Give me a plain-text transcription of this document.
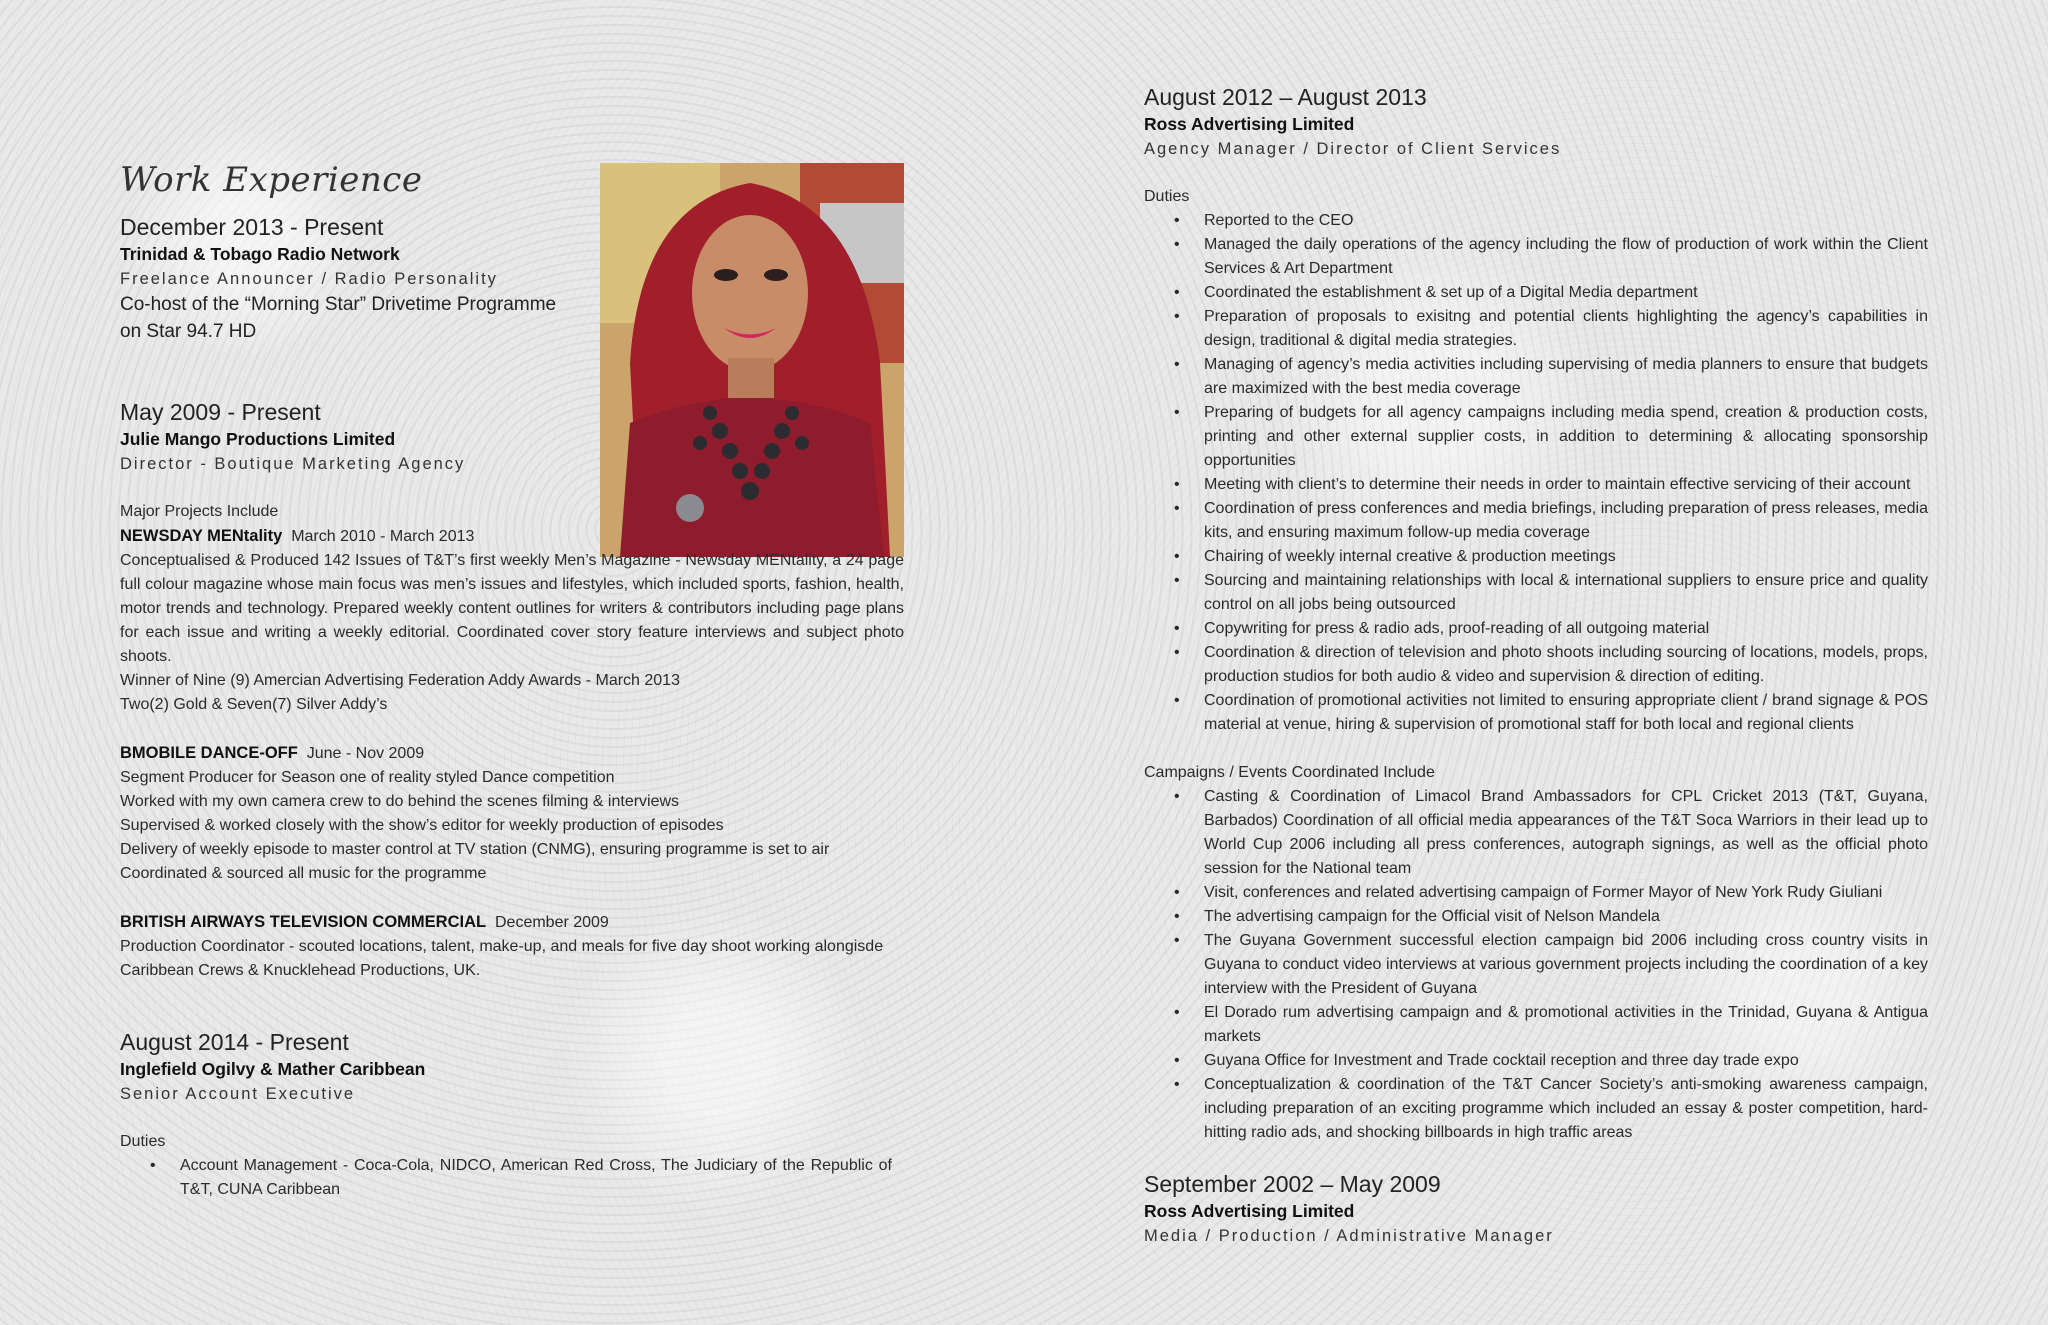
Work Experience

December 2013 - Present

Trinidad & Tobago Radio Network

Freelance Announcer / Radio Personality

Co-host of the “Morning Star” Drivetime Programme

on Star 94.7 HD

May 2009 - Present

Julie Mango Productions Limited

Director - Boutique Marketing Agency

Major Projects Include

NEWSDAY MENtality March 2010 - March 2013

Conceptualised & Produced 142 Issues of T&T’s first weekly Men’s Magazine - Newsday MENtality, a 24 page full colour magazine whose main focus was men’s issues and lifestyles, which included sports, fashion, health, motor trends and technology. Prepared weekly content outlines for writers & contributors including page plans for each issue and writing a weekly editorial. Coordinated cover story feature interviews and subject photo shoots.

Winner of Nine (9) Amercian Advertising Federation Addy Awards - March 2013

Two(2) Gold & Seven(7) Silver Addy’s

BMOBILE DANCE-OFF June - Nov 2009

Segment Producer for Season one of reality styled Dance competition

Worked with my own camera crew to do behind the scenes filming & interviews

Supervised & worked closely with the show’s editor for weekly production of episodes

Delivery of weekly episode to master control at TV station (CNMG), ensuring programme is set to air

Coordinated & sourced all music for the programme

BRITISH AIRWAYS TELEVISION COMMERCIAL December 2009

Production Coordinator - scouted locations, talent, make-up, and meals for five day shoot working alongisde Caribbean Crews & Knucklehead Productions, UK.

August 2014 - Present

Inglefield Ogilvy & Mather Caribbean

Senior Account Executive

Duties

• Account Management - Coca-Cola, NIDCO, American Red Cross, The Judiciary of the Republic of T&T, CUNA Caribbean

August 2012 – August 2013

Ross Advertising Limited

Agency Manager / Director of Client Services

Duties

• Reported to the CEO
• Managed the daily operations of the agency including the flow of production of work within the Client Services & Art Department
• Coordinated the establishment & set up of a Digital Media department
• Preparation of proposals to exisitng and potential clients highlighting the agency’s capabilities in design, traditional & digital media strategies.
• Managing of agency’s media activities including supervising of media planners to ensure that budgets are maximized with the best media coverage
• Preparing of budgets for all agency campaigns including media spend, creation & production costs, printing and other external supplier costs, in addition to determining & allocating sponsorship opportunities
• Meeting with client’s to determine their needs in order to maintain effective servicing of their account
• Coordination of press conferences and media briefings, including preparation of press releases, media kits, and ensuring maximum follow-up media coverage
• Chairing of weekly internal creative & production meetings
• Sourcing and maintaining relationships with local & international suppliers to ensure price and quality control on all jobs being outsourced
• Copywriting for press & radio ads, proof-reading of all outgoing material
• Coordination & direction of television and photo shoots including sourcing of locations, models, props, production studios for both audio & video and supervision & direction of editing.
• Coordination of promotional activities not limited to ensuring appropriate client / brand signage & POS material at venue, hiring & supervision of promotional staff for both local and regional clients

Campaigns / Events Coordinated Include

• Casting & Coordination of Limacol Brand Ambassadors for CPL Cricket 2013 (T&T, Guyana, Barbados) Coordination of all official media appearances of the T&T Soca Warriors in their lead up to World Cup 2006 including all press conferences, autograph signings, as well as the official photo session for the National team
• Visit, conferences and related advertising campaign of Former Mayor of New York Rudy Giuliani
• The advertising campaign for the Official visit of Nelson Mandela
• The Guyana Government successful election campaign bid 2006 including cross country visits in Guyana to conduct video interviews at various government projects including the coordination of a key interview with the President of Guyana
• El Dorado rum advertising campaign and & promotional activities in the Trinidad, Guyana & Antigua markets
• Guyana Office for Investment and Trade cocktail reception and three day trade expo
• Conceptualization & coordination of the T&T Cancer Society’s anti-smoking awareness campaign, including preparation of an exciting programme which included an essay & poster competition, hard-hitting radio ads, and shocking billboards in high traffic areas

September 2002 – May 2009

Ross Advertising Limited

Media / Production / Administrative Manager
